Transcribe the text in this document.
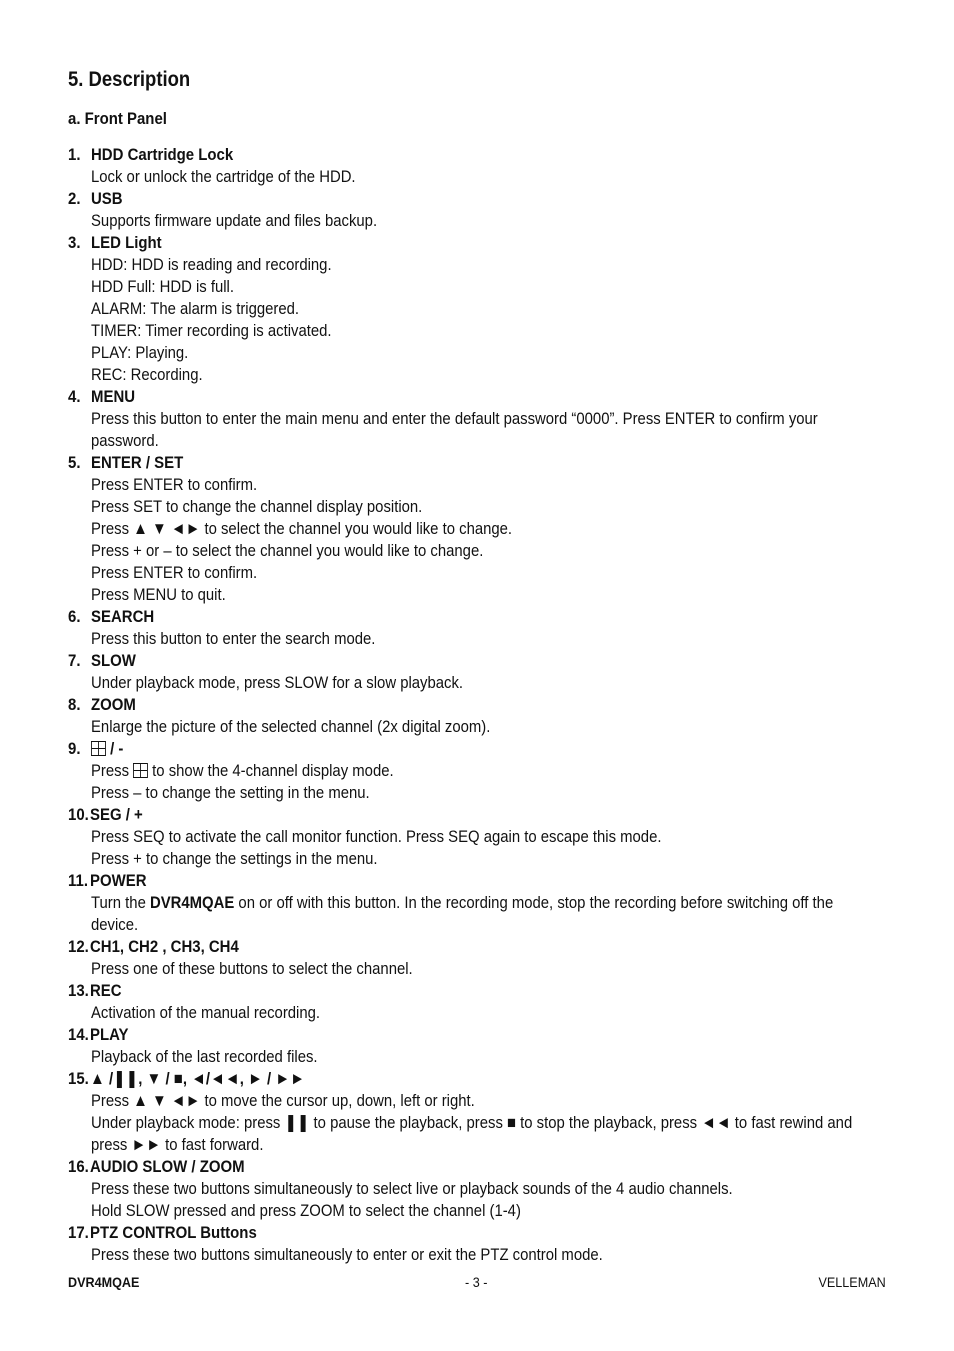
5. Description
a. Front Panel
1. HDD Cartridge Lock
Lock or unlock the cartridge of the HDD.
2. USB
Supports firmware update and files backup.
3. LED Light
HDD: HDD is reading and recording.
HDD Full: HDD is full.
ALARM: The alarm is triggered.
TIMER: Timer recording is activated.
PLAY: Playing.
REC: Recording.
4. MENU
Press this button to enter the main menu and enter the default password “0000”. Press ENTER to confirm your password.
5. ENTER / SET
Press ENTER to confirm.
Press SET to change the channel display position.
Press ▲ ▼ ◄► to select the channel you would like to change.
Press + or – to select the channel you would like to change.
Press ENTER to confirm.
Press MENU to quit.
6. SEARCH
Press this button to enter the search mode.
7. SLOW
Under playback mode, press SLOW for a slow playback.
8. ZOOM
Enlarge the picture of the selected channel (2x digital zoom).
9.	/ -
Press  to show the 4-channel display mode.
Press – to change the setting in the menu.
10. SEG / +
Press SEQ to activate the call monitor function. Press SEQ again to escape this mode.
Press + to change the settings in the menu.
11. POWER
Turn the DVR4MQAE on or off with this button. In the recording mode, stop the recording before switching off the
device.
12. CH1, CH2 , CH3, CH4
Press one of these buttons to select the channel.
13. REC
Activation of the manual recording.
14. PLAY
Playback of the last recorded files.
15. ▲ /❚❚, ▼ / ■, ◄/◄◄, ► / ►►
Press ▲ ▼ ◄► to move the cursor up, down, left or right.
Under playback mode: press ❚❚ to pause the playback, press ■ to stop the playback, press ◄◄ to fast rewind and
press ►► to fast forward.
16. AUDIO SLOW / ZOOM
Press these two buttons simultaneously to select live or playback sounds of the 4 audio channels.
Hold SLOW pressed and press ZOOM to select the channel (1-4)
17. PTZ CONTROL Buttons
Press these two buttons simultaneously to enter or exit the PTZ control mode.
DVR4MQAE	- 3 -	VELLEMAN
